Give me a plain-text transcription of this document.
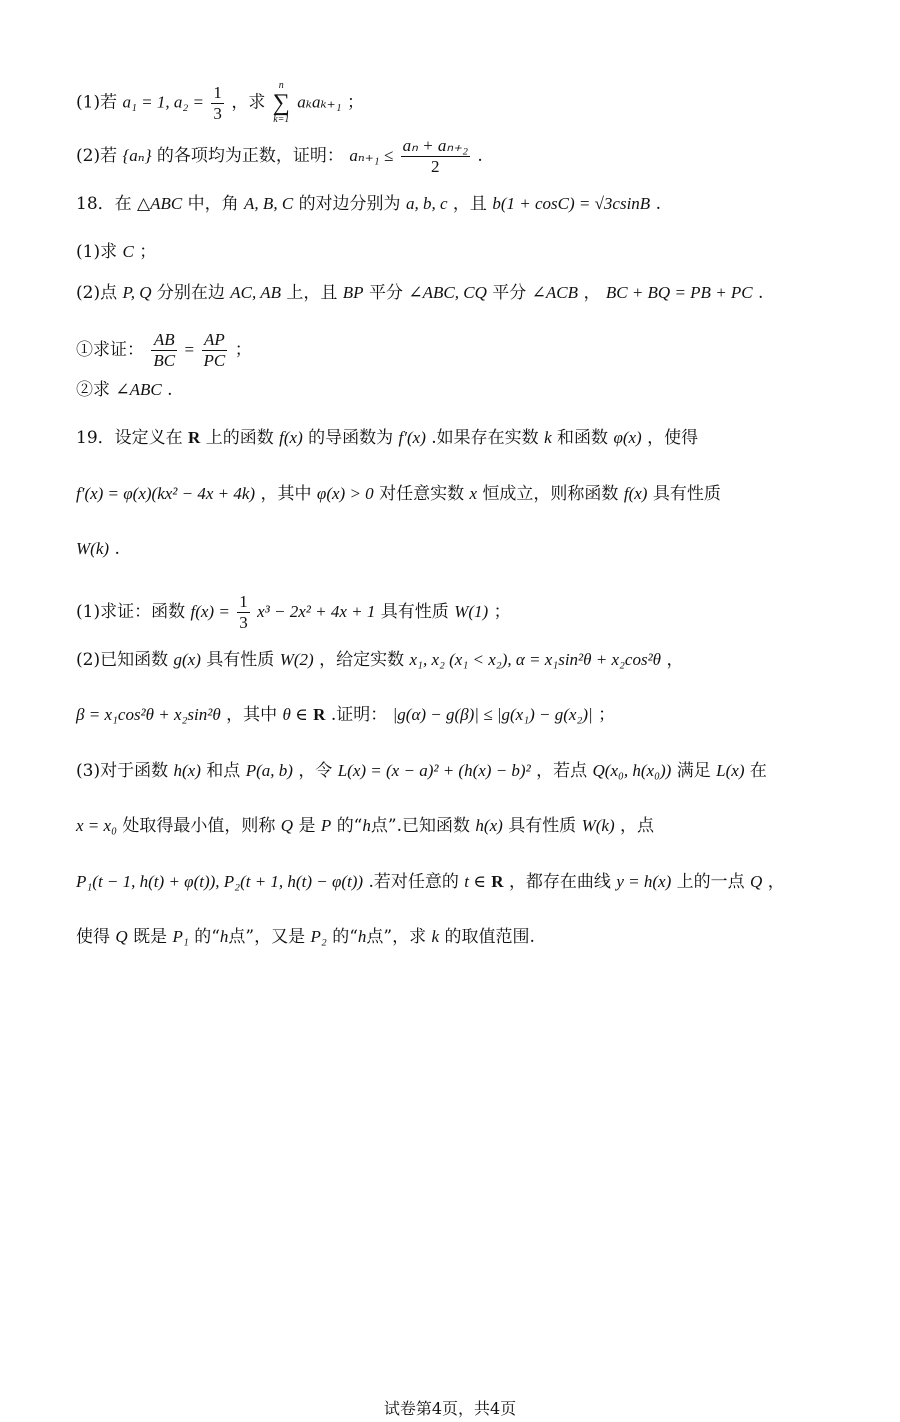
(1)若 a₁ = 1, $a_2 = \frac{1}{3}$ ，求
n
∑
k=1
aₖaₖ₊₁ ；
(2)若 {aₙ} 的各项均为正数，证明： $a_{n+1} \le \frac{\text{aₙ + aₙ₊₂}}{2}$ .
18．在 △ABC 中，角 A, B, C 的对边分别为 a, b, c ，且 b(1 + cosC) = √3csinB .
(1)求 C ；
(2)点 P, Q 分别在边 AC, AB 上，且 BP 平分 ∠ABC, CQ 平分 ∠ACB ， BC + BQ = PB + PC .
①求证： $\frac{AB}{BC} = \frac{AP}{PC}$ ；
②求 ∠ABC .
19．设定义在 R 上的函数 f(x) 的导函数为 f′(x) .如果存在实数 k 和函数 φ(x) ，使得
f′(x) = φ(x)(kx² − 4x + 4k) ，其中 φ(x) > 0 对任意实数 x 恒成立，则称函数 f(x) 具有性质
W(k) .
(1)求证：函数 $f(x) = \frac{1}{3} x^3 - 2x^2 + 4x + 1$ 具有性质 W(1) ；
(2)已知函数 g(x) 具有性质 W(2) ，给定实数 x₁, x₂ (x₁ < x₂), α = x₁sin²θ + x₂cos²θ ，
β = x₁cos²θ + x₂sin²θ ，其中 θ ∈ R .证明： |g(α) − g(β)| ≤ |g(x₁) − g(x₂)| ；
(3)对于函数 h(x) 和点 P(a, b) ，令 L(x) = (x − a)² + (h(x) − b)² ，若点 Q(x₀, h(x₀)) 满足 L(x) 在
x = x₀ 处取得最小值，则称 Q 是 P 的“h点”.已知函数 h(x) 具有性质 W(k) ，点
P₁(t − 1, h(t) + φ(t)), P₂(t + 1, h(t) − φ(t)) .若对任意的 t ∈ R ，都存在曲线 y = h(x) 上的一点 Q ，
使得 Q 既是 P₁ 的“h点”，又是 P₂ 的“h点”，求 k 的取值范围.
试卷第4页，共4页
